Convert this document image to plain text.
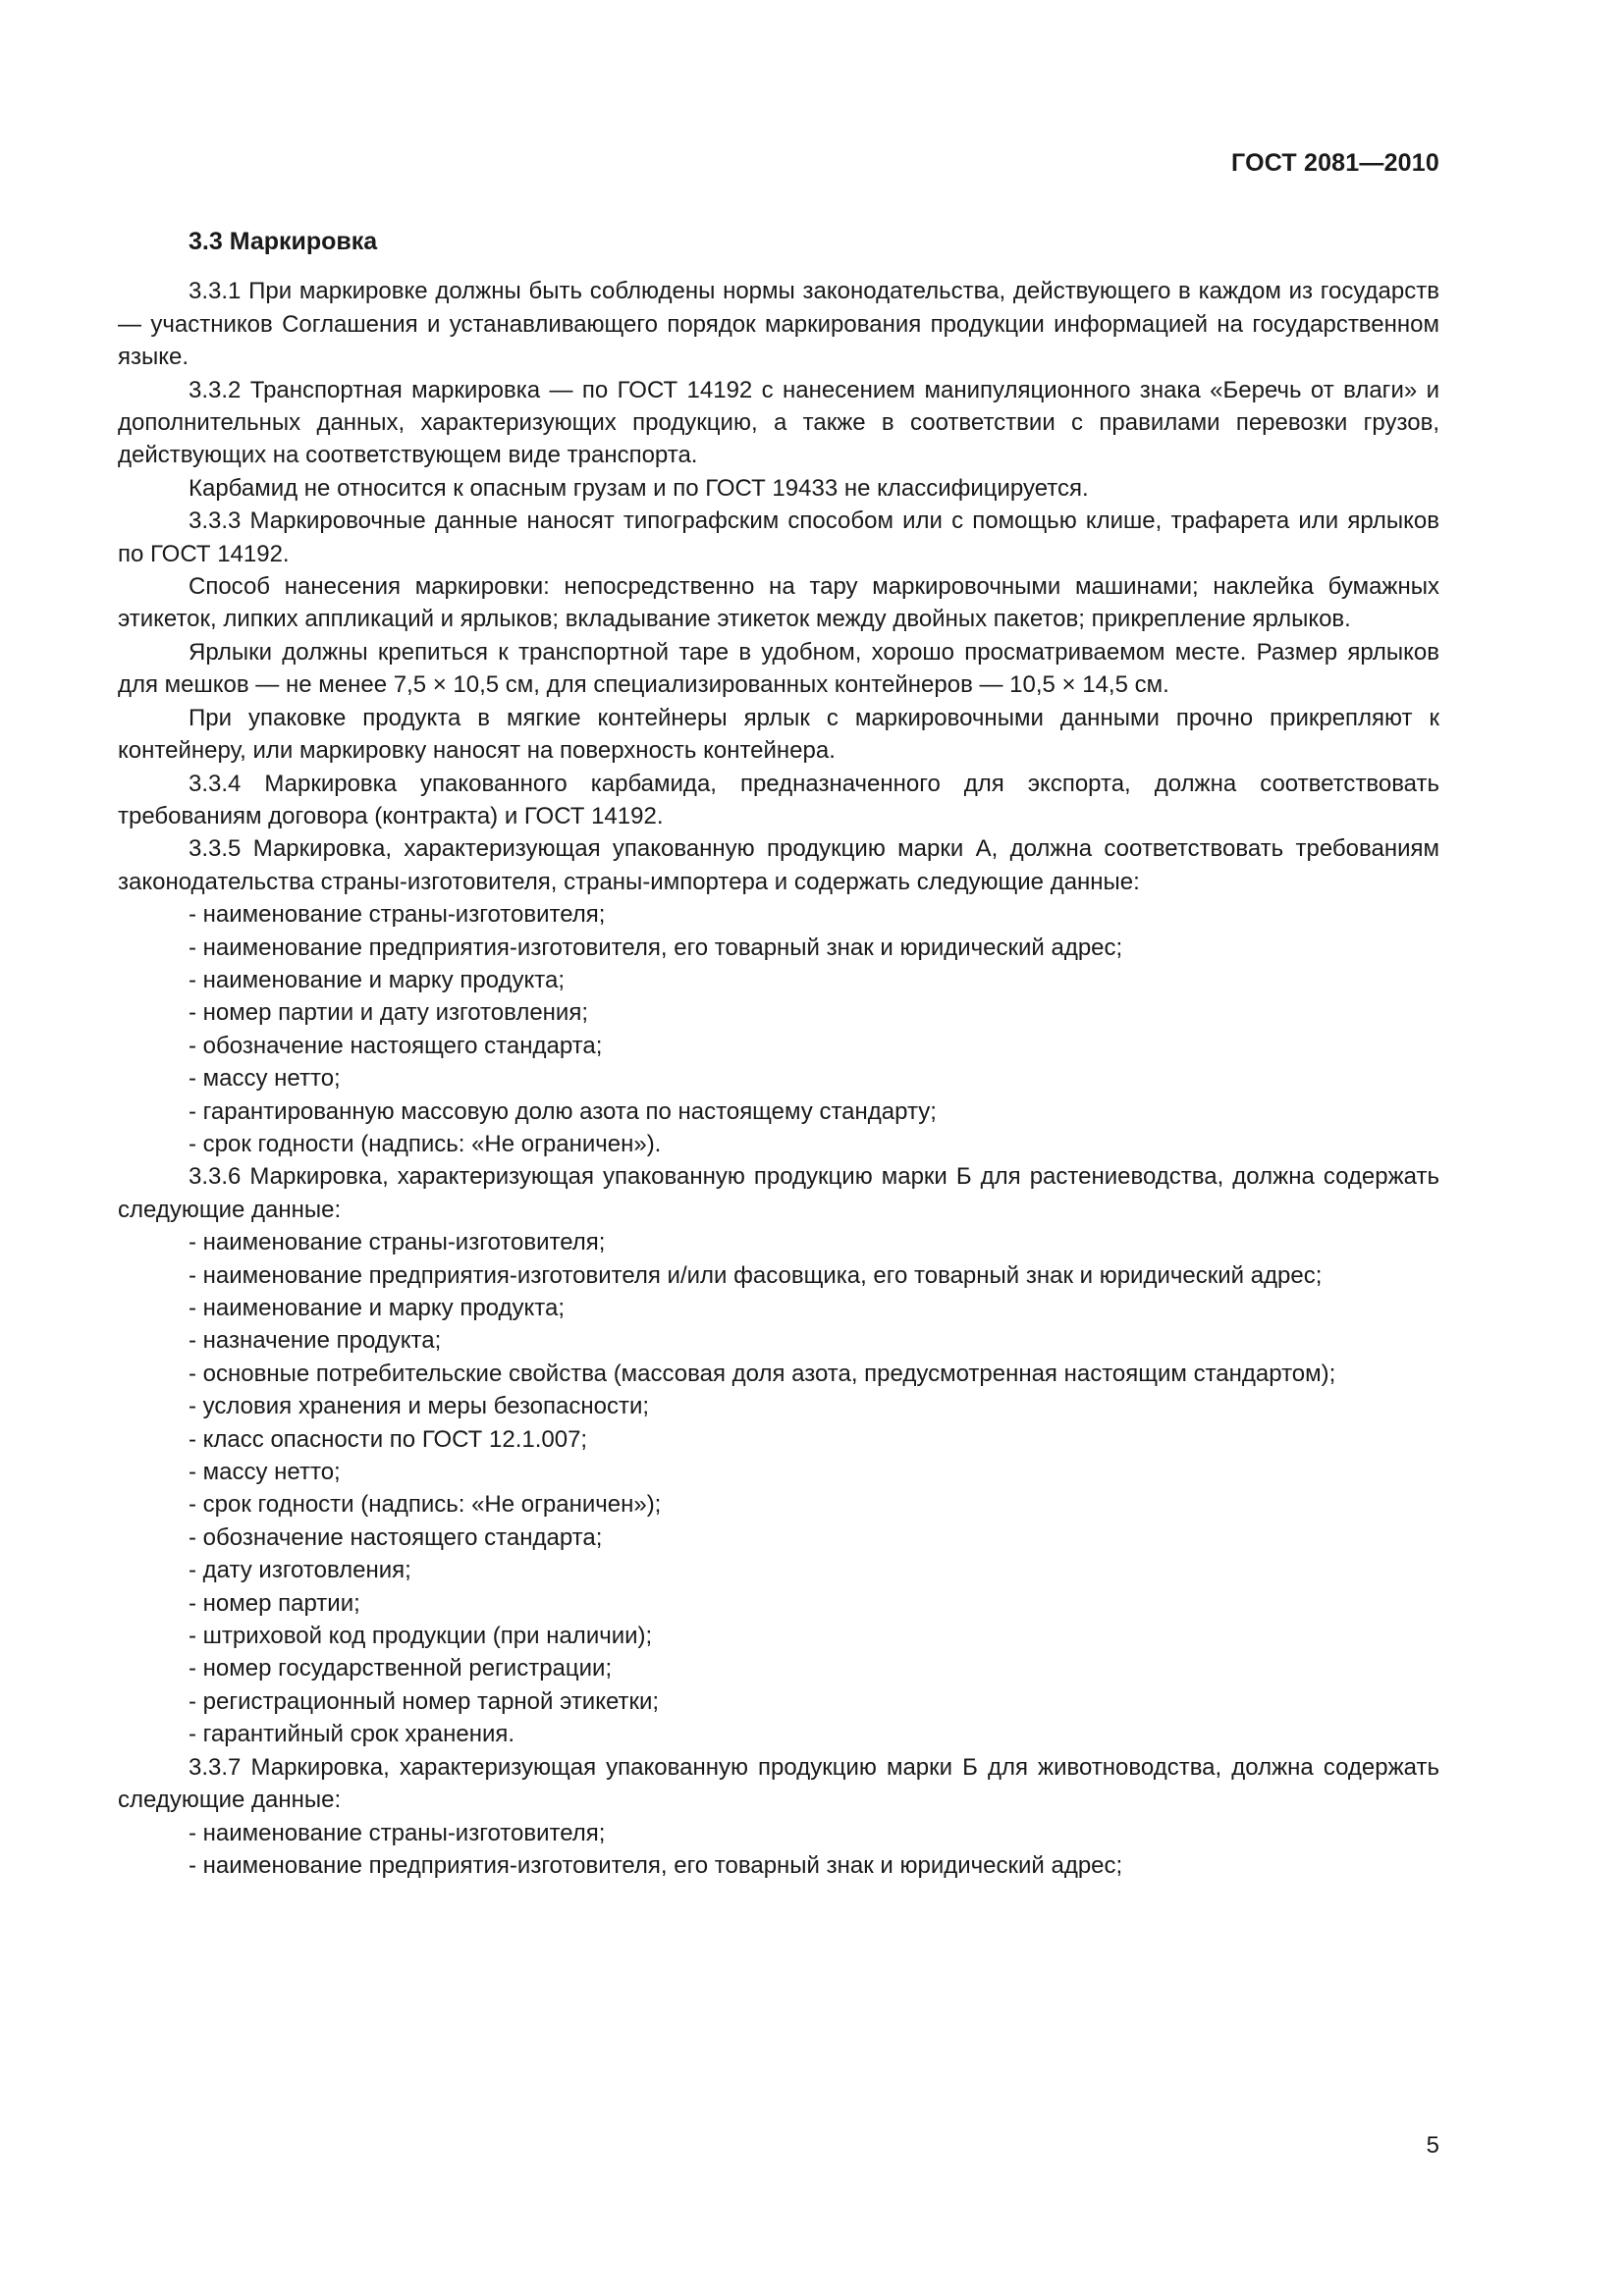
ГОСТ 2081—2010
3.3 Маркировка
3.3.1 При маркировке должны быть соблюдены нормы законодательства, действующего в каждом из государств — участников Соглашения и устанавливающего порядок маркирования продукции информацией на государственном языке.
3.3.2 Транспортная маркировка — по ГОСТ 14192 с нанесением манипуляционного знака «Беречь от влаги» и дополнительных данных, характеризующих продукцию, а также в соответствии с правилами перевозки грузов, действующих на соответствующем виде транспорта.
Карбамид не относится к опасным грузам и по ГОСТ 19433 не классифицируется.
3.3.3 Маркировочные данные наносят типографским способом или с помощью клише, трафарета или ярлыков по ГОСТ 14192.
Способ нанесения маркировки: непосредственно на тару маркировочными машинами; наклейка бумажных этикеток, липких аппликаций и ярлыков; вкладывание этикеток между двойных пакетов; прикрепление ярлыков.
Ярлыки должны крепиться к транспортной таре в удобном, хорошо просматриваемом месте. Размер ярлыков для мешков — не менее 7,5 × 10,5 см, для специализированных контейнеров — 10,5 × 14,5 см.
При упаковке продукта в мягкие контейнеры ярлык с маркировочными данными прочно прикрепляют к контейнеру, или маркировку наносят на поверхность контейнера.
3.3.4 Маркировка упакованного карбамида, предназначенного для экспорта, должна соответствовать требованиям договора (контракта) и ГОСТ 14192.
3.3.5 Маркировка, характеризующая упакованную продукцию марки А, должна соответствовать требованиям законодательства страны-изготовителя, страны-импортера и содержать следующие данные:
- наименование страны-изготовителя;
- наименование предприятия-изготовителя, его товарный знак и юридический адрес;
- наименование и марку продукта;
- номер партии и дату изготовления;
- обозначение настоящего стандарта;
- массу нетто;
- гарантированную массовую долю азота по настоящему стандарту;
- срок годности (надпись: «Не ограничен»).
3.3.6 Маркировка, характеризующая упакованную продукцию марки Б для растениеводства, должна содержать следующие данные:
- наименование страны-изготовителя;
- наименование предприятия-изготовителя и/или фасовщика, его товарный знак и юридический адрес;
- наименование и марку продукта;
- назначение продукта;
- основные потребительские свойства (массовая доля азота, предусмотренная настоящим стандартом);
- условия хранения и меры безопасности;
- класс опасности по ГОСТ 12.1.007;
- массу нетто;
- срок годности (надпись: «Не ограничен»);
- обозначение настоящего стандарта;
- дату изготовления;
- номер партии;
- штриховой код продукции (при наличии);
- номер государственной регистрации;
- регистрационный номер тарной этикетки;
- гарантийный срок хранения.
3.3.7 Маркировка, характеризующая упакованную продукцию марки Б для животноводства, должна содержать следующие данные:
- наименование страны-изготовителя;
- наименование предприятия-изготовителя, его товарный знак и юридический адрес;
5
